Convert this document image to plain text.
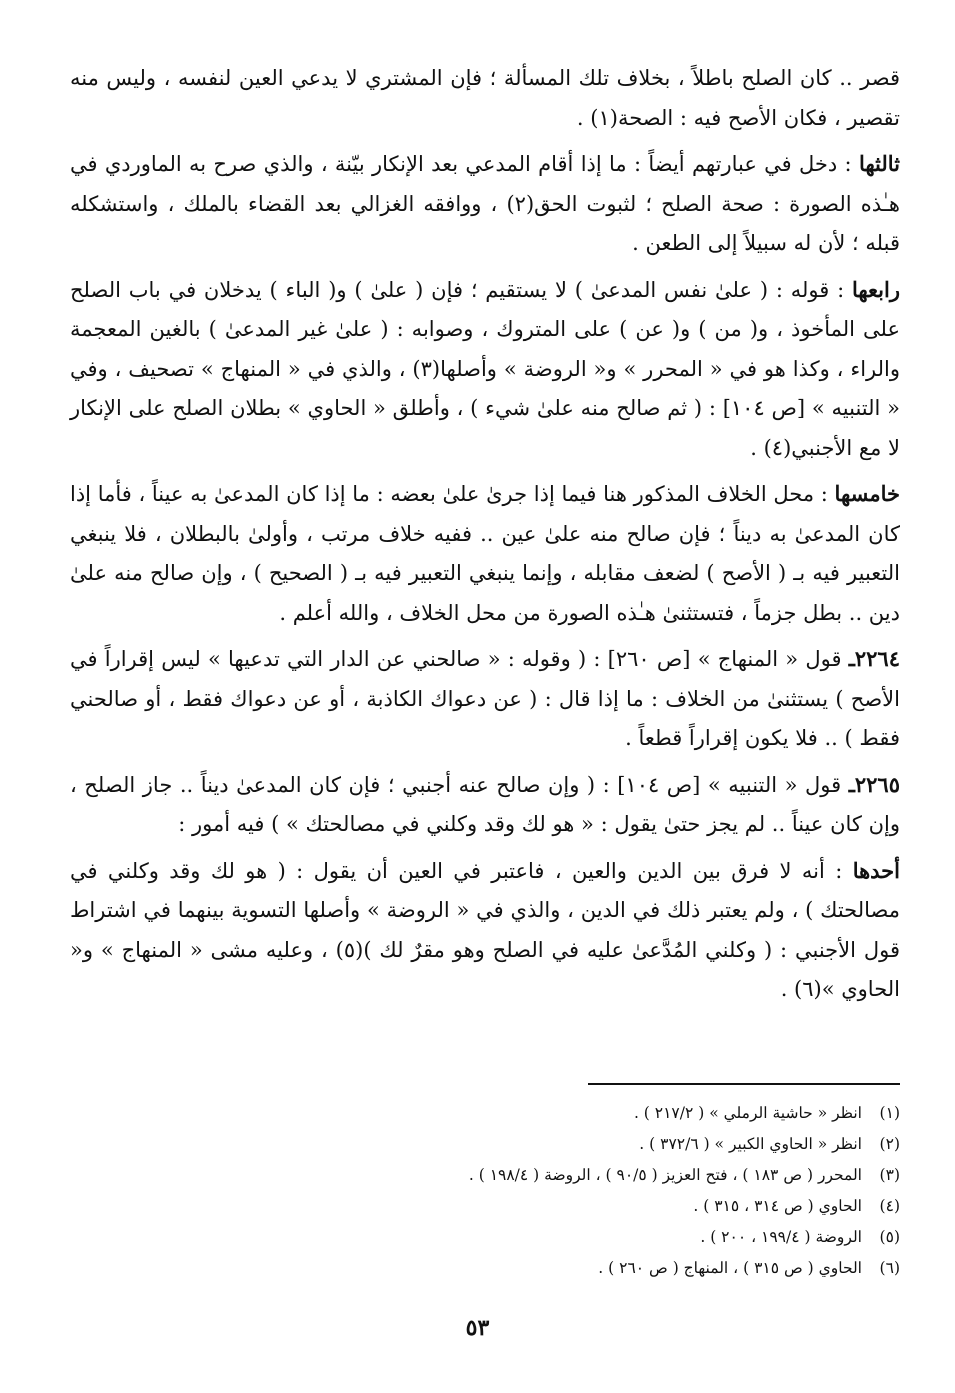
قصر .. كان الصلح باطلاً ، بخلاف تلك المسألة ؛ فإن المشتري لا يدعي العين لنفسه ، وليس منه تقصير ، فكان الأصح فيه : الصحة(١) .

ثالثها : دخل في عبارتهم أيضاً : ما إذا أقام المدعي بعد الإنكار بيّنة ، والذي صرح به الماوردي في هـٰذه الصورة : صحة الصلح ؛ لثبوت الحق(٢) ، ووافقه الغزالي بعد القضاء بالملك ، واستشكله قبله ؛ لأن له سبيلاً إلى الطعن .

رابعها : قوله : ( علىٰ نفس المدعىٰ ) لا يستقيم ؛ فإن ( علىٰ ) و( الباء ) يدخلان في باب الصلح على المأخوذ ، و( من ) و( عن ) على المتروك ، وصوابه : ( علىٰ غير المدعىٰ ) بالغين المعجمة والراء ، وكذا هو في « المحرر » و« الروضة » وأصلها(٣) ، والذي في « المنهاج » تصحيف ، وفي « التنبيه » [ص ١٠٤] : ( ثم صالح منه علىٰ شيء ) ، وأطلق « الحاوي » بطلان الصلح على الإنكار لا مع الأجنبي(٤) .

خامسها : محل الخلاف المذكور هنا فيما إذا جرىٰ علىٰ بعضه : ما إذا كان المدعىٰ به عيناً ، فأما إذا كان المدعىٰ به ديناً ؛ فإن صالح منه علىٰ عين .. ففيه خلاف مرتب ، وأولىٰ بالبطلان ، فلا ينبغي التعبير فيه بـ ( الأصح ) لضعف مقابله ، وإنما ينبغي التعبير فيه بـ ( الصحيح ) ، وإن صالح منه علىٰ دين .. بطل جزماً ، فتستثنىٰ هـٰذه الصورة من محل الخلاف ، والله أعلم .

٢٢٦٤ـ قول « المنهاج » [ص ٢٦٠] : ( وقوله : « صالحني عن الدار التي تدعيها » ليس إقراراً في الأصح ) يستثنىٰ من الخلاف : ما إذا قال : ( عن دعواك الكاذبة ، أو عن دعواك فقط ، أو صالحني فقط ) .. فلا يكون إقراراً قطعاً .

٢٢٦٥ـ قول « التنبيه » [ص ١٠٤] : ( وإن صالح عنه أجنبي ؛ فإن كان المدعىٰ ديناً .. جاز الصلح ، وإن كان عيناً .. لم يجز حتىٰ يقول : « هو لك وقد وكلني في مصالحتك » ) فيه أمور :

أحدها : أنه لا فرق بين الدين والعين ، فاعتبر في العين أن يقول : ( هو لك وقد وكلني في مصالحتك ) ، ولم يعتبر ذلك في الدين ، والذي في « الروضة » وأصلها التسوية بينهما في اشتراط قول الأجنبي : ( وكلني المُدَّعىٰ عليه في الصلح وهو مقرٌ لك )(٥) ، وعليه مشى « المنهاج » و« الحاوي »(٦) .

(١)
انظر « حاشية الرملي » ( ٢١٧/٢ ) .
(٢)
انظر « الحاوي الكبير » ( ٣٧٢/٦ ) .
(٣)
المحرر ( ص ١٨٣ ) ، فتح العزيز ( ٩٠/٥ ) ، الروضة ( ١٩٨/٤ ) .
(٤)
الحاوي ( ص ٣١٤ ، ٣١٥ ) .
(٥)
الروضة ( ١٩٩/٤ ، ٢٠٠ ) .
(٦)
الحاوي ( ص ٣١٥ ) ، المنهاج ( ص ٢٦٠ ) .
٥٣
